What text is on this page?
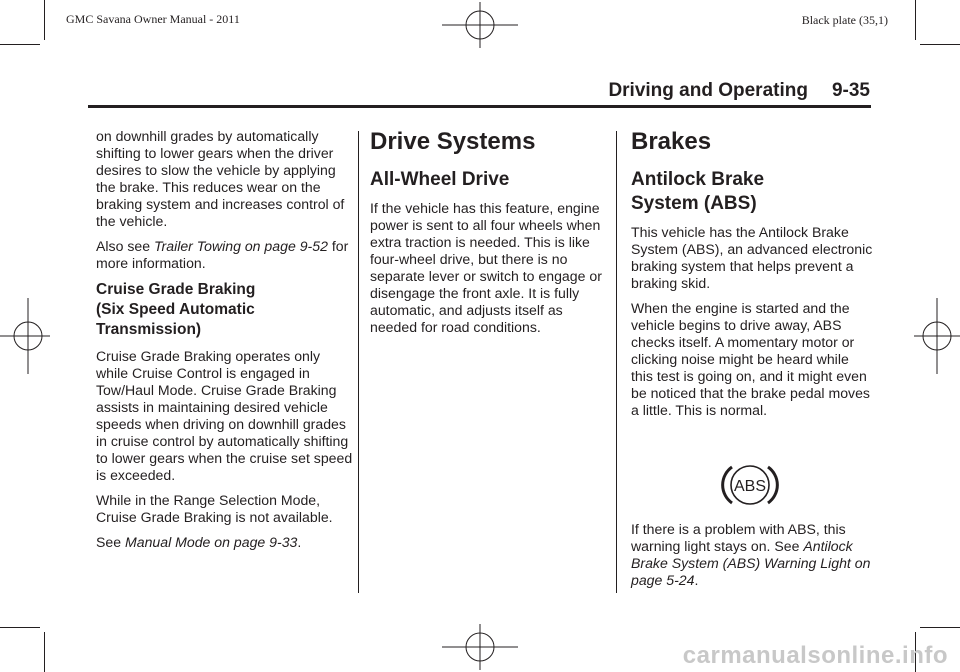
GMC Savana Owner Manual - 2011	Black plate (35,1)
Driving and Operating 9-35

on downhill grades by automatically shifting to lower gears when the driver desires to slow the vehicle by applying the brake. This reduces wear on the braking system and increases control of the vehicle.

Also see Trailer Towing on page 9-52 for more information.

Cruise Grade Braking (Six Speed Automatic Transmission)

Cruise Grade Braking operates only while Cruise Control is engaged in Tow/Haul Mode. Cruise Grade Braking assists in maintaining desired vehicle speeds when driving on downhill grades in cruise control by automatically shifting to lower gears when the cruise set speed is exceeded.

While in the Range Selection Mode, Cruise Grade Braking is not available.

See Manual Mode on page 9-33.

Drive Systems
All-Wheel Drive

If the vehicle has this feature, engine power is sent to all four wheels when extra traction is needed. This is like four-wheel drive, but there is no separate lever or switch to engage or disengage the front axle. It is fully automatic, and adjusts itself as needed for road conditions.

Brakes
Antilock Brake System (ABS)

This vehicle has the Antilock Brake System (ABS), an advanced electronic braking system that helps prevent a braking skid.

When the engine is started and the vehicle begins to drive away, ABS checks itself. A momentary motor or clicking noise might be heard while this test is going on, and it might even be noticed that the brake pedal moves a little. This is normal.

ABS

If there is a problem with ABS, this warning light stays on. See Antilock Brake System (ABS) Warning Light on page 5-24.

carmanualsonline.info
